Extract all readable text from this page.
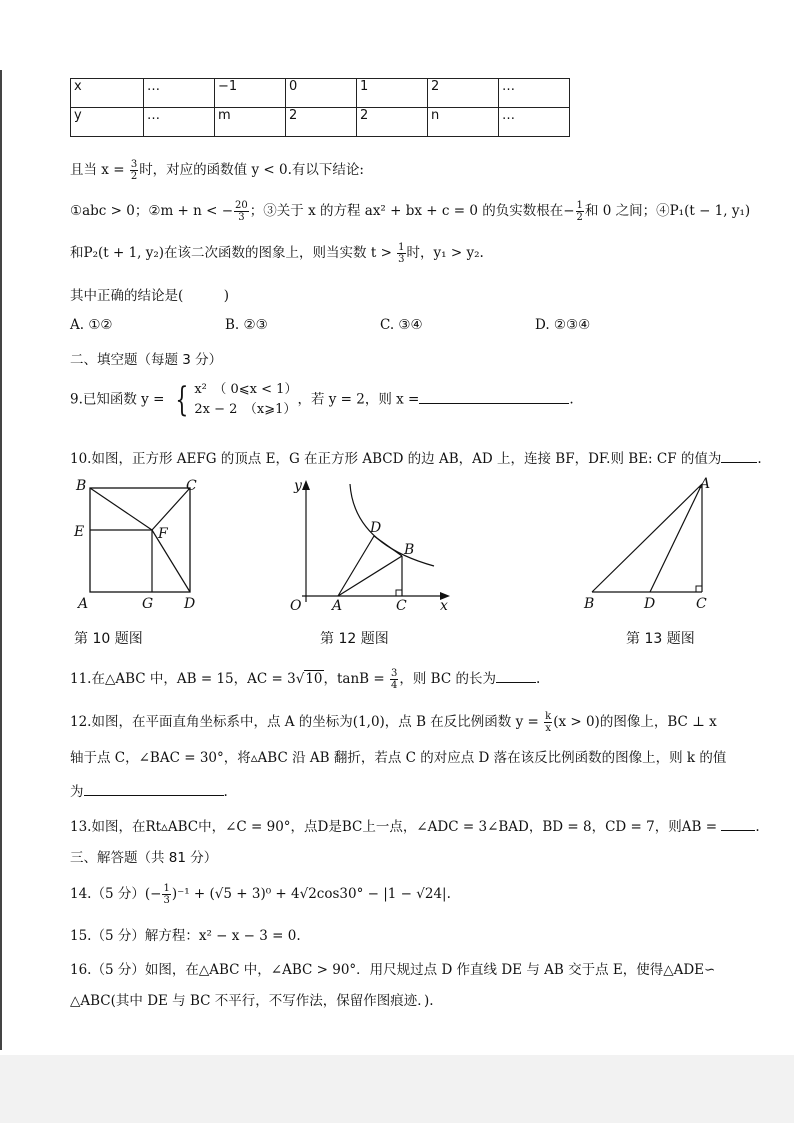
x	…	−1	0	1	2	…
y	…	m	2	2	n	…
且当 $x = \frac{3}{2}$ 时，对应的函数值 y < 0.有以下结论:
①abc > 0；②m + n < − $\frac{20}{3}$ ；③关于 x 的方程 ax² + bx + c = 0 的负实数根在− $\frac{1}{2}$ 和 0 之间；④P₁(t − 1, y₁)
和P₂(t + 1, y₂)在该二次函数的图象上，则当实数 $t > \frac{1}{3}$ 时，y₁ > y₂.
其中正确的结论是(　　　)
A. ①②	B. ②③	C. ③④	D. ②③④
二、填空题（每题 3 分）
9.已知函数 y = { x²　（ 0⩽x < 1）
2x − 2　（x⩾1）
，若 y = 2，则 x =	.
10.如图，正方形 AEFG 的顶点 E，G 在正方形 ABCD 的边 AB，AD 上，连接 BF，DF.则 BE: CF 的值为	.
B	C
E	F
A	G D
第 10 题图
y
x
O A	C
D
B
第 12 题图
A
B	D	C
第 13 题图
11.在△ABC 中，AB = 15，AC = 3√10，$\tan B = \frac{3}{4}$ ，则 BC 的长为	.
12.如图，在平面直角坐标系中，点 A 的坐标为(1,0)，点 B 在反比例函数 $y = \frac{k}{x} (x > 0)$的图像上，BC ⊥ x
轴于点 C，∠BAC = 30°，将▵ABC 沿 AB 翻折，若点 C 的对应点 D 落在该反比例函数的图像上，则 k 的值
为	.
13.如图，在Rt▵ABC中，∠C = 90°，点D是BC上一点，∠ADC = 3∠BAD，BD = 8，CD = 7，则AB =	.
三、解答题（共 81 分）
14.（5 分）(− $\frac{1}{3} )^{-1} + (√5 + 3)^0 + 4√2\cos 30^\circ - |1 - √24|$.
15.（5 分）解方程：x² − x − 3 = 0.
16.（5 分）如图，在△ABC 中，∠ABC > 90°．用尺规过点 D 作直线 DE 与 AB 交于点 E，使得△ADE∽
△ABC(其中 DE 与 BC 不平行，不写作法，保留作图痕迹．).
